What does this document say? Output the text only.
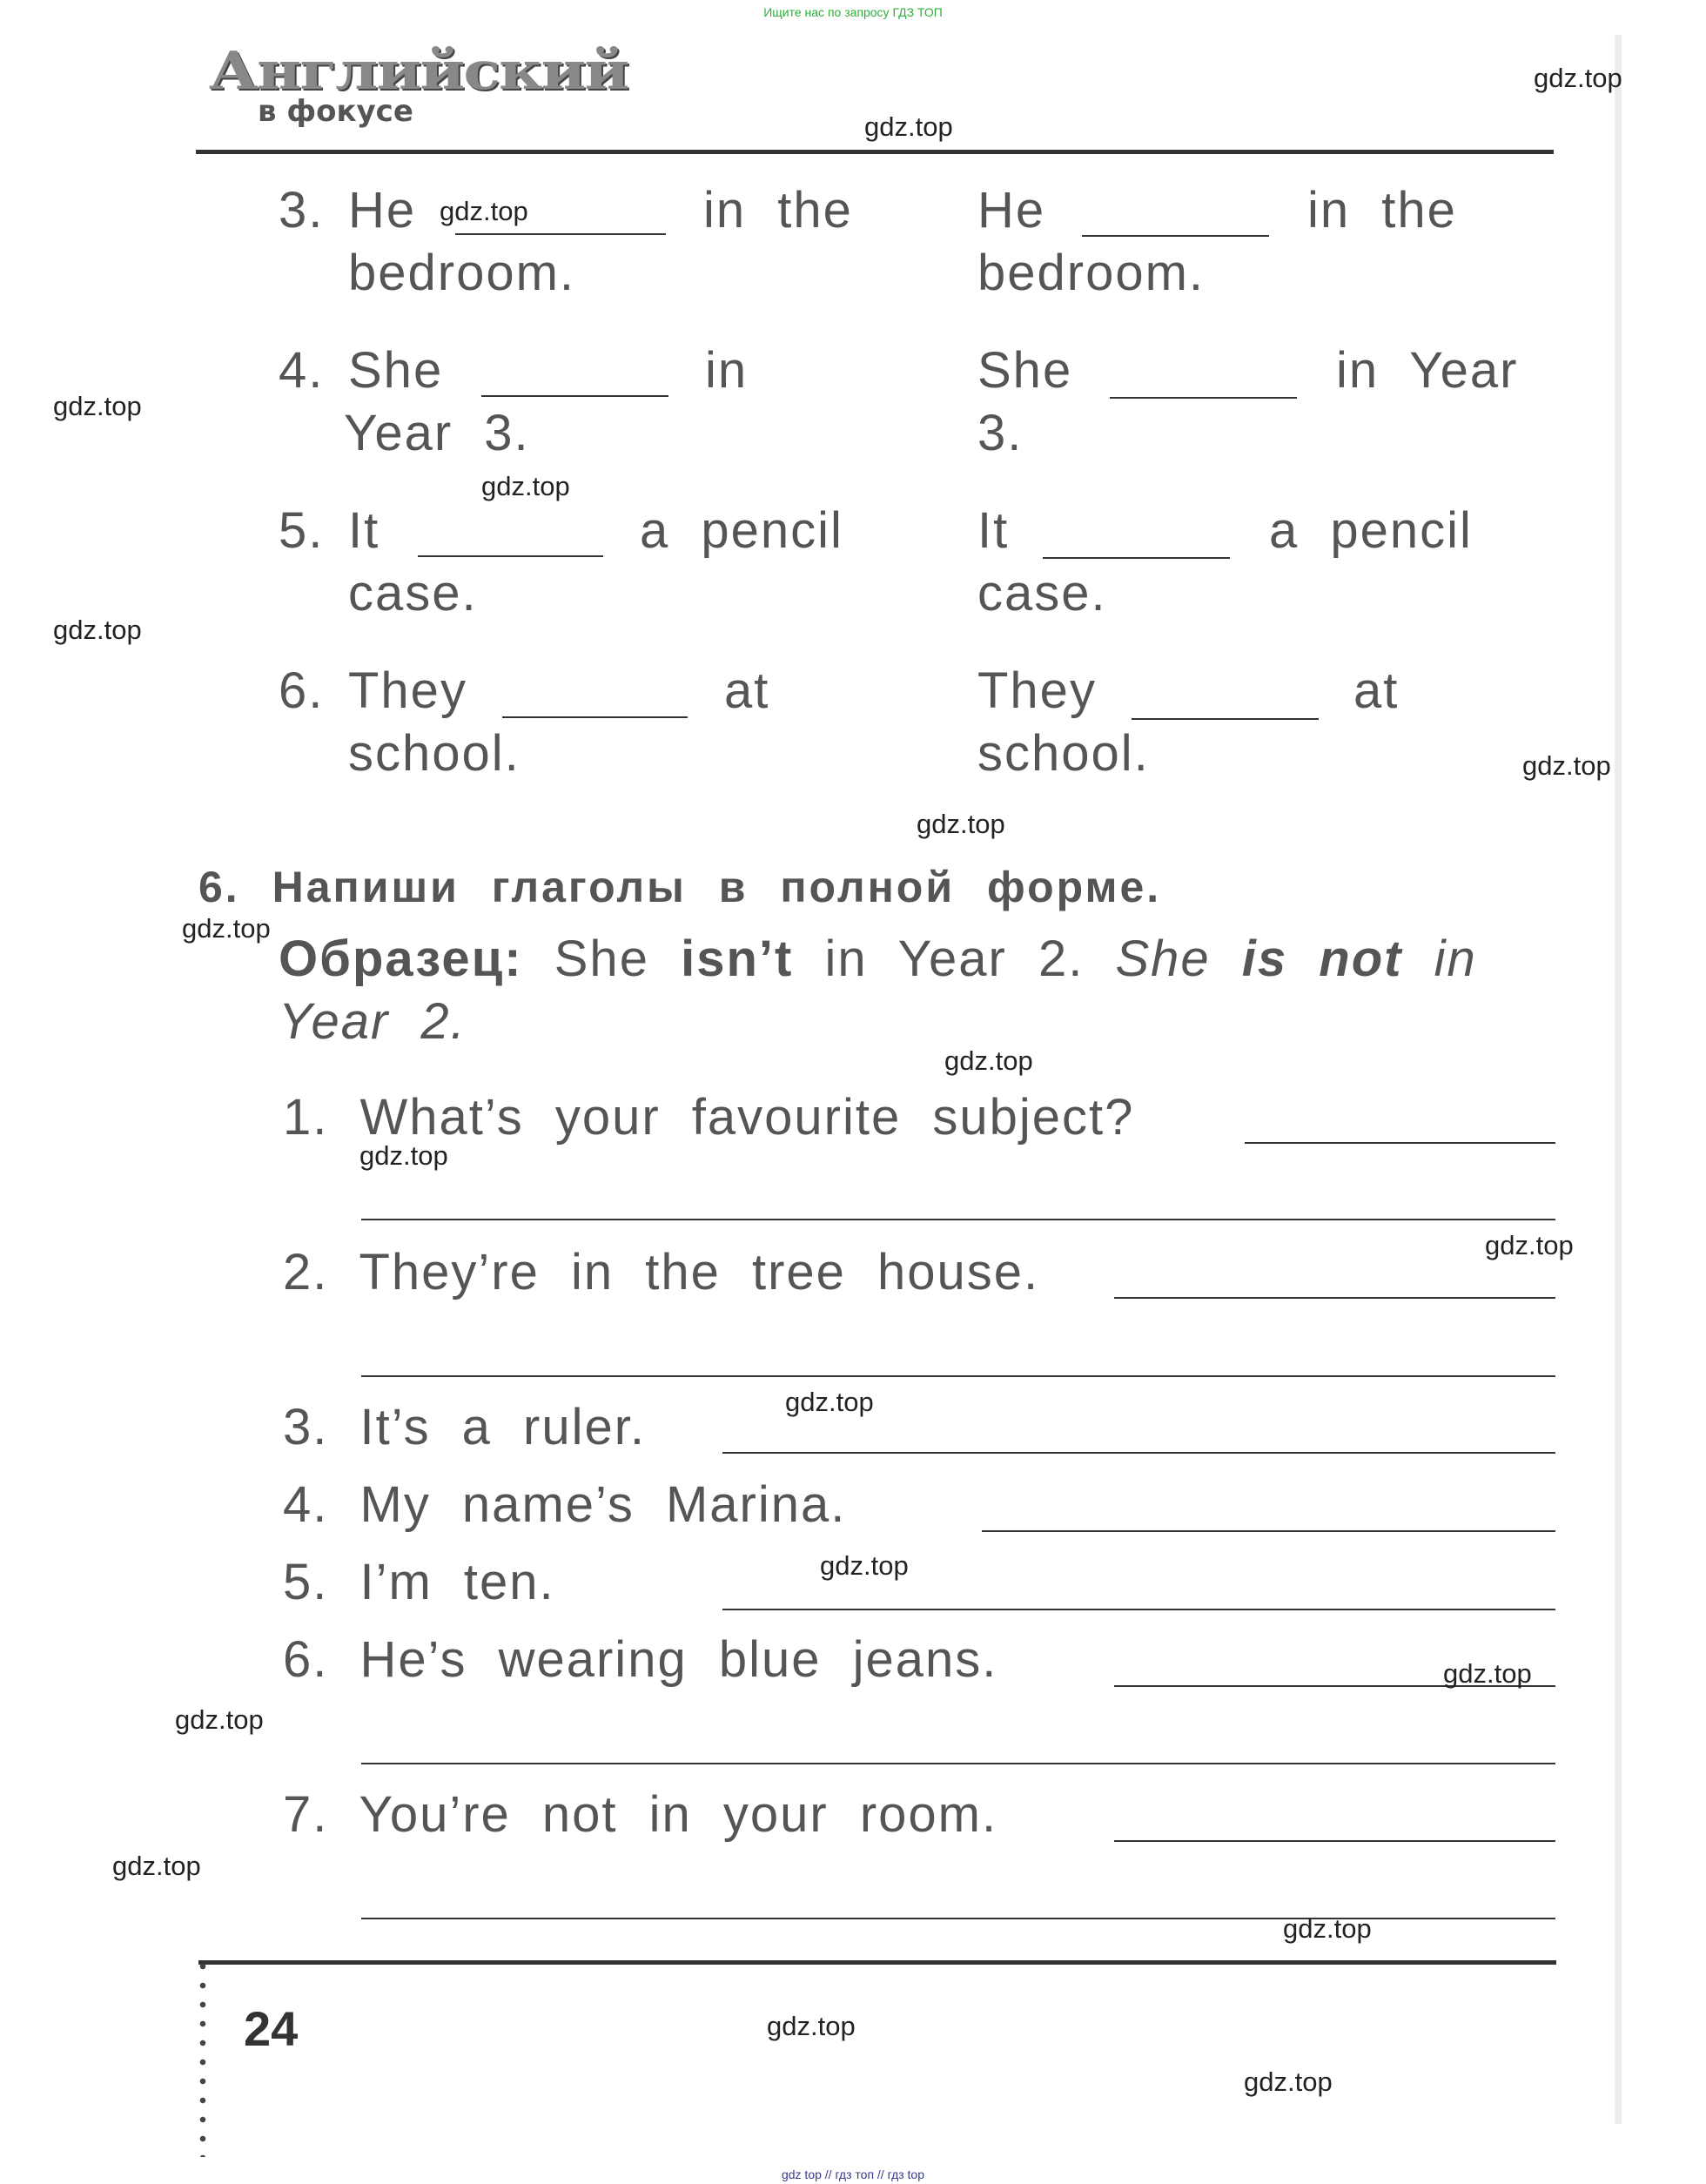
Ищите нас по запросу ГДЗ ТОП
Английский
в фокусе
3. He	in the
bedroom.
He	in the
bedroom.
4. She	in
Year 3.
She	in Year
3.
5. It	a pencil
case.
It	a pencil
case.
6. They	at
school.
They	at
school.
6. Напиши глаголы в полной форме.
Образец: She isn’t in Year 2. She is not in
Year 2.
1. What’s your favourite subject?
2. They’re in the tree house.
3. It’s a ruler.
4. My name’s Marina.
5. I’m ten.
6. He’s wearing blue jeans.
7. You’re not in your room.
24
gdz.top
gdz.top
gdz.top
gdz.top
gdz.top
gdz.top
gdz.top
gdz.top
gdz.top
gdz.top
gdz.top
gdz.top
gdz.top
gdz.top
gdz.top
gdz.top
gdz.top
gdz.top
gdz.top
gdz.top
gdz top // гдз топ // гдз top
